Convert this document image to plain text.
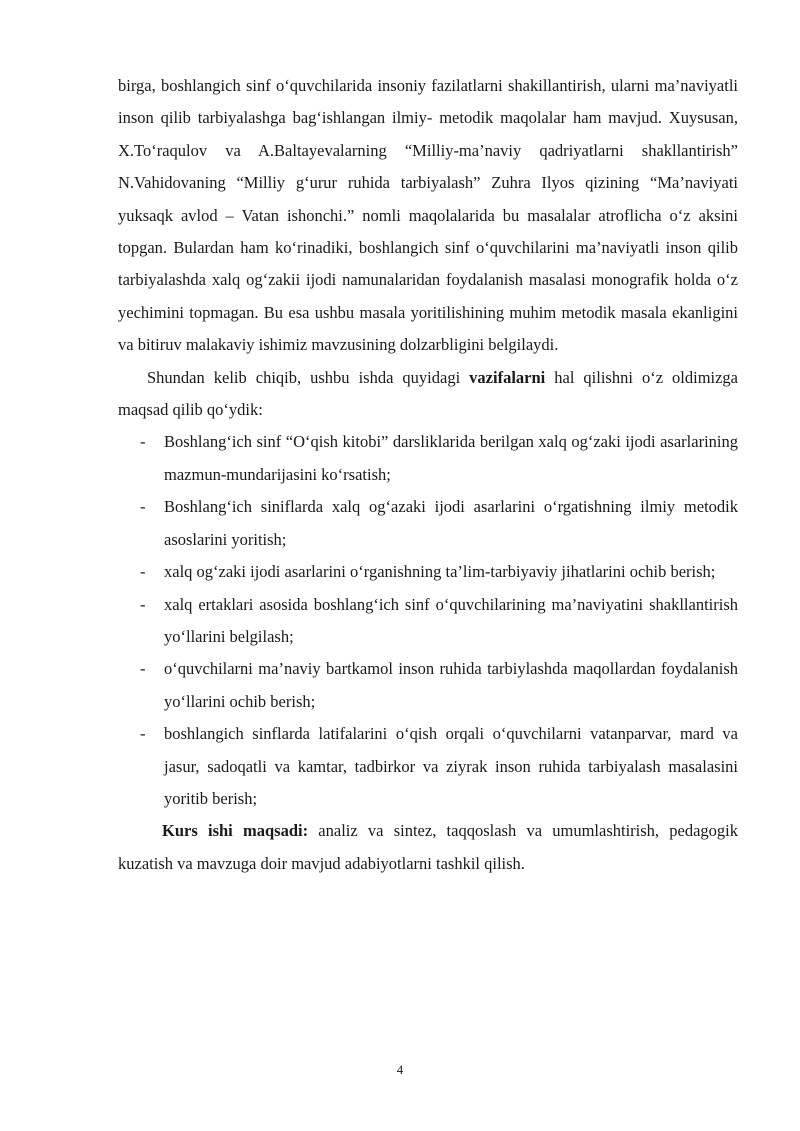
birga, boshlangich sinf o‘quvchilarida insoniy fazilatlarni shakillantirish, ularni ma’naviyatli inson qilib tarbiyalashga bag‘ishlangan ilmiy- metodik maqolalar ham mavjud. Xuysusan, X.To‘raqulov va A.Baltayevalarning “Milliy-ma’naviy qadriyatlarni shakllantirish” N.Vahidovaning “Milliy g‘urur ruhida tarbiyalash” Zuhra Ilyos qizining “Ma’naviyati yuksaqk avlod – Vatan ishonchi.” nomli maqolalarida bu masalalar atroflicha o‘z aksini topgan. Bulardan ham ko‘rinadiki, boshlangich sinf o‘quvchilarini ma’naviyatli inson qilib tarbiyalashda xalq og‘zakii ijodi namunalaridan foydalanish masalasi monografik holda o‘z yechimini topmagan. Bu esa ushbu masala yoritilishining muhim metodik masala ekanligini va bitiruv malakaviy ishimiz mavzusining dolzarbligini belgilaydi.

Shundan kelib chiqib, ushbu ishda quyidagi vazifalarni hal qilishni o‘z oldimizga maqsad qilib qo‘ydik:

- Boshlang‘ich sinf “O‘qish kitobi” darsliklarida berilgan xalq og‘zaki ijodi asarlarining mazmun-mundarijasini ko‘rsatish;
- Boshlang‘ich siniflarda xalq og‘azaki ijodi asarlarini o‘rgatishning ilmiy metodik asoslarini yoritish;
- xalq og‘zaki ijodi asarlarini o‘rganishning ta’lim-tarbiyaviy jihatlarini ochib berish;
- xalq ertaklari asosida boshlang‘ich sinf o‘quvchilarining ma’naviyatini shakllantirish yo‘llarini belgilash;
- o‘quvchilarni ma’naviy bartkamol inson ruhida tarbiylashda maqollardan foydalanish yo‘llarini ochib berish;
- boshlangich sinflarda latifalarini o‘qish orqali o‘quvchilarni vatanparvar, mard va jasur, sadoqatli va kamtar, tadbirkor va ziyrak inson ruhida tarbiyalash masalasini yoritib berish;

Kurs ishi maqsadi: analiz va sintez, taqqoslash va umumlashtirish, pedagogik kuzatish va mavzuga doir mavjud adabiyotlarni tashkil qilish.

4
